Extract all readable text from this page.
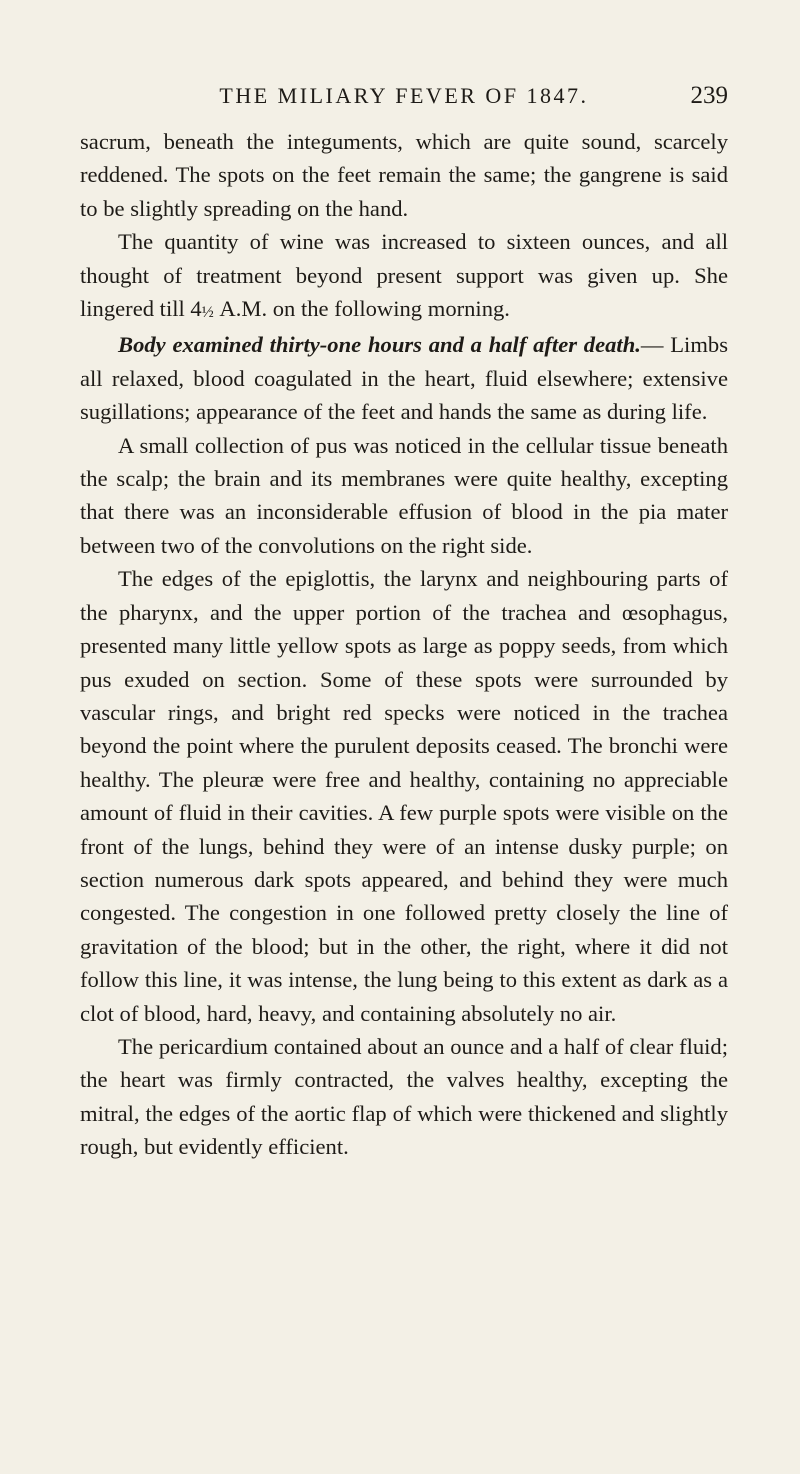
THE MILIARY FEVER OF 1847.	239

sacrum, beneath the integuments, which are quite sound, scarcely reddened. The spots on the feet remain the same; the gangrene is said to be slightly spreading on the hand.

The quantity of wine was increased to sixteen ounces, and all thought of treatment beyond present support was given up. She lingered till 4½ A.M. on the following morning.

Body examined thirty-one hours and a half after death.— Limbs all relaxed, blood coagulated in the heart, fluid elsewhere; extensive sugillations; appearance of the feet and hands the same as during life.

A small collection of pus was noticed in the cellular tissue beneath the scalp; the brain and its membranes were quite healthy, excepting that there was an inconsiderable effusion of blood in the pia mater between two of the convolutions on the right side.

The edges of the epiglottis, the larynx and neighbouring parts of the pharynx, and the upper portion of the trachea and œsophagus, presented many little yellow spots as large as poppy seeds, from which pus exuded on section. Some of these spots were surrounded by vascular rings, and bright red specks were noticed in the trachea beyond the point where the purulent deposits ceased. The bronchi were healthy. The pleuræ were free and healthy, containing no appreciable amount of fluid in their cavities. A few purple spots were visible on the front of the lungs, behind they were of an intense dusky purple; on section numerous dark spots appeared, and behind they were much congested. The congestion in one followed pretty closely the line of gravitation of the blood; but in the other, the right, where it did not follow this line, it was intense, the lung being to this extent as dark as a clot of blood, hard, heavy, and containing absolutely no air.

The pericardium contained about an ounce and a half of clear fluid; the heart was firmly contracted, the valves healthy, excepting the mitral, the edges of the aortic flap of which were thickened and slightly rough, but evidently efficient.
